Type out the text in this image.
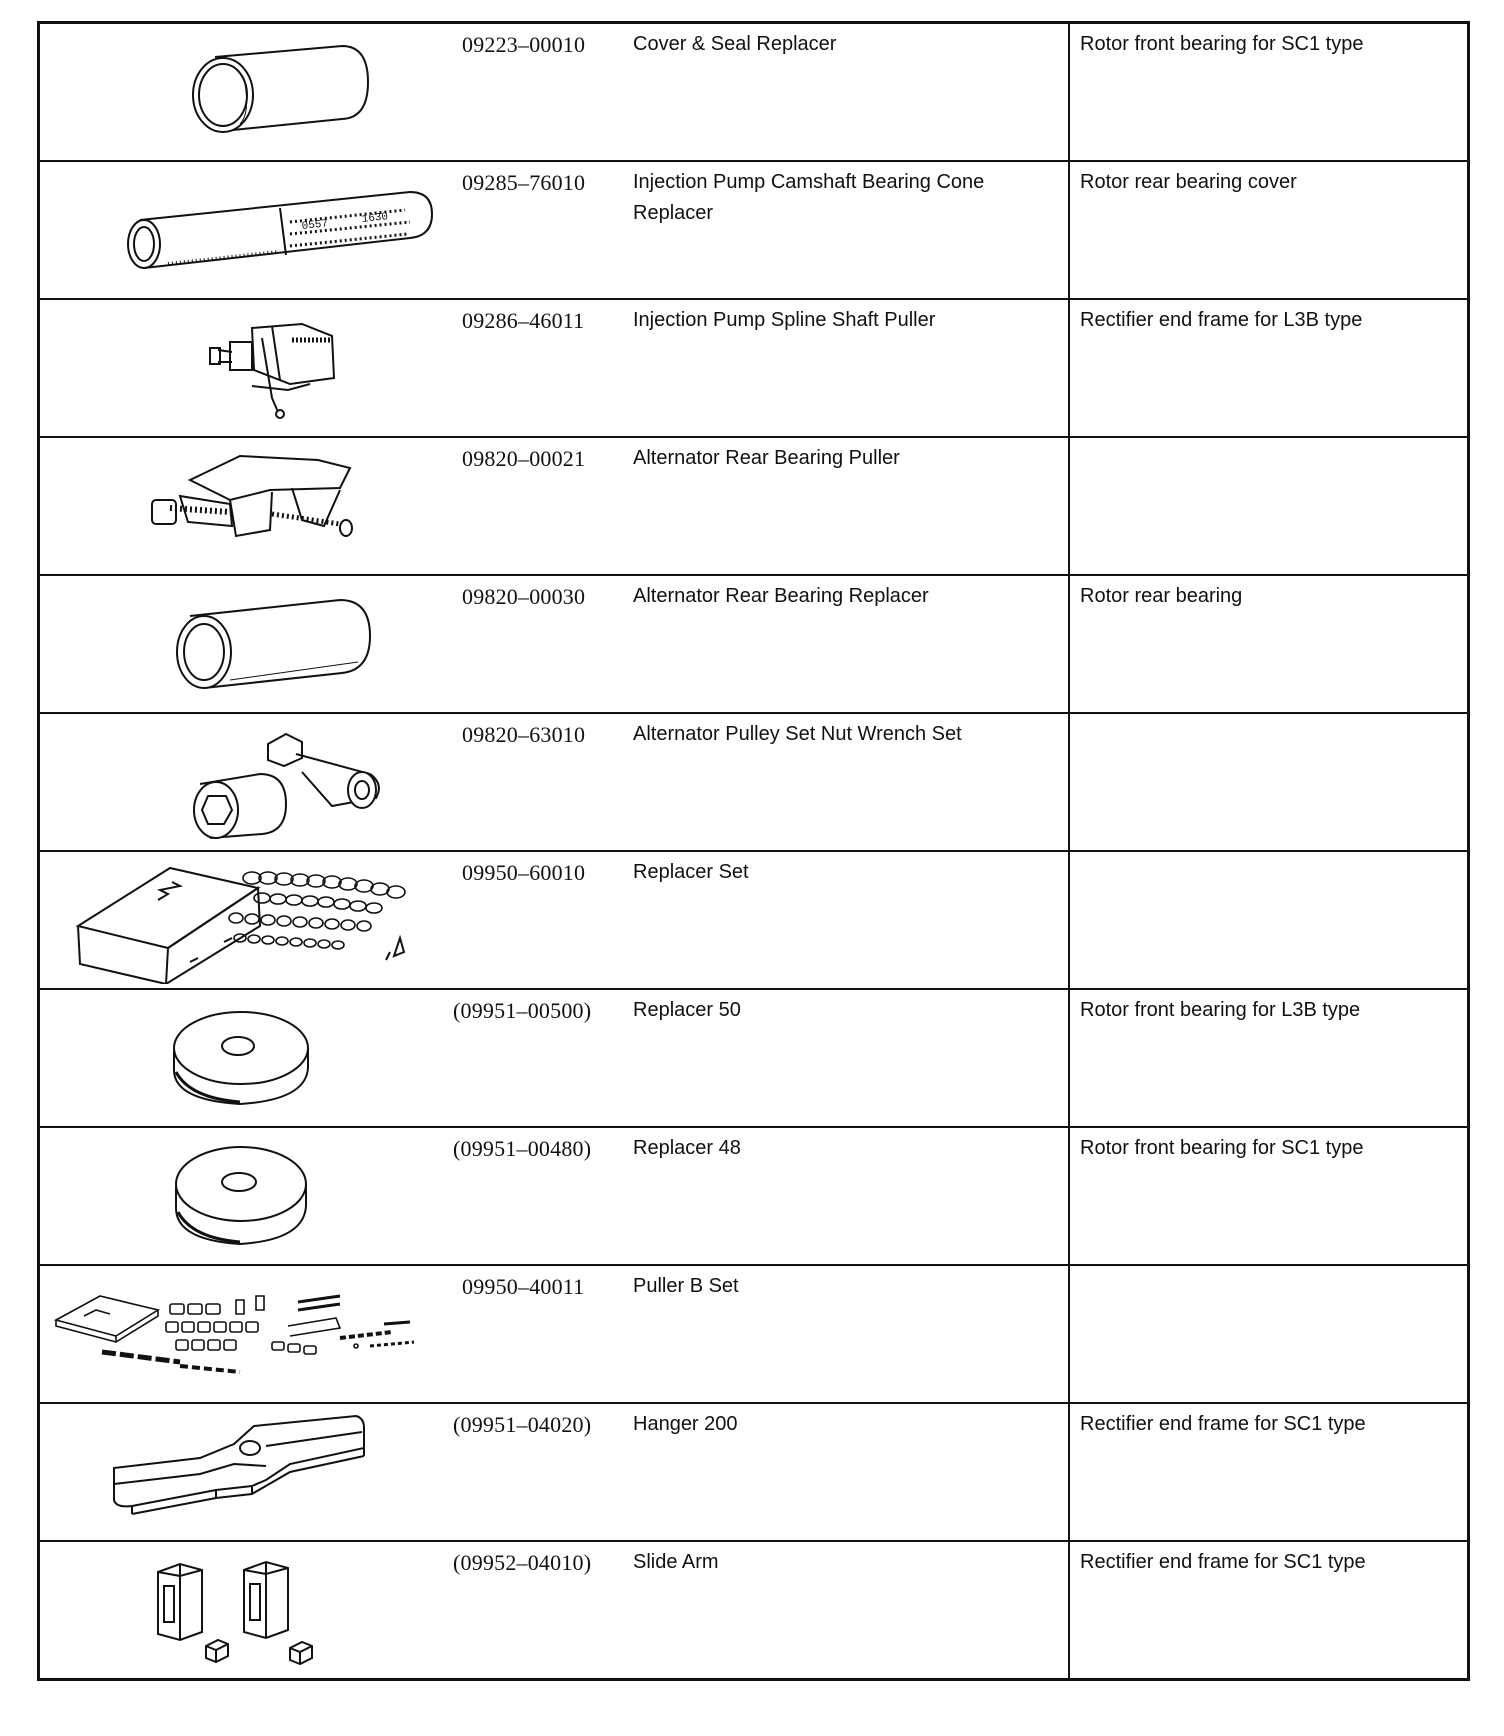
09223–00010	Cover & Seal Replacer	Rotor front bearing for SC1 type

0557 1630	09285–76010	Injection Pump Camshaft Bearing Cone Replacer	Rotor rear bearing cover

09286–46011	Injection Pump Spline Shaft Puller	Rectifier end frame for L3B type

09820–00021	Alternator Rear Bearing Puller	

09820–00030	Alternator Rear Bearing Replacer	Rotor rear bearing

09820–63010	Alternator Pulley Set Nut Wrench Set	

09950–60010	Replacer Set	

(09951–00500)	Replacer 50	Rotor front bearing for L3B type

(09951–00480)	Replacer 48	Rotor front bearing for SC1 type

09950–40011	Puller B Set	

(09951–04020)	Hanger 200	Rectifier end frame for SC1 type

(09952–04010)	Slide Arm	Rectifier end frame for SC1 type
